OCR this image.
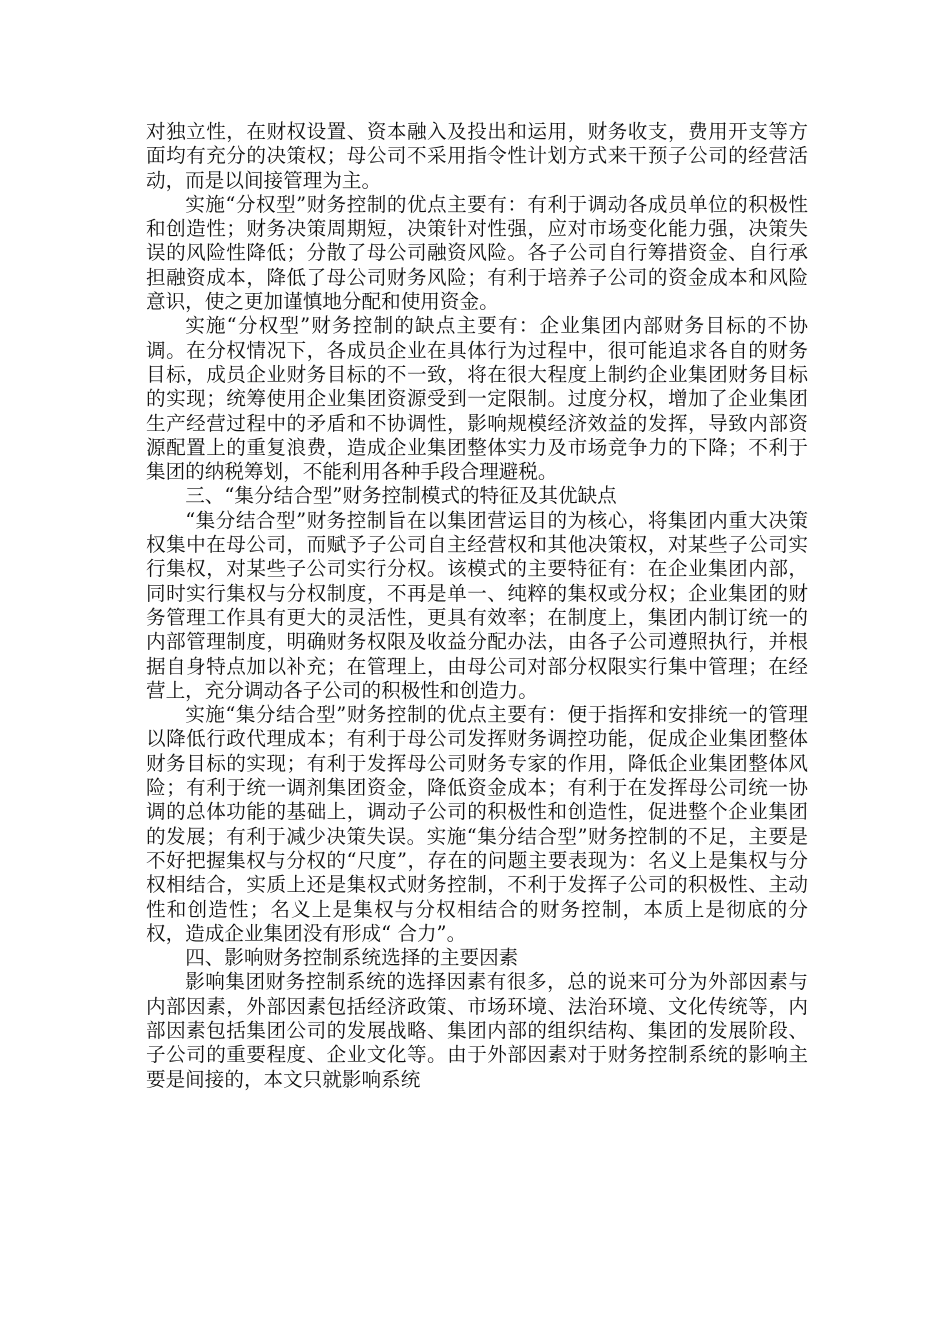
对独立性，在财权设置、资本融入及投出和运用，财务收支，费用开支等方面均有充分的决策权；母公司不采用指令性计划方式来干预子公司的经营活动，而是以间接管理为主。

实施“分权型”财务控制的优点主要有：有利于调动各成员单位的积极性和创造性；财务决策周期短，决策针对性强，应对市场变化能力强，决策失误的风险性降低；分散了母公司融资风险。各子公司自行筹措资金、自行承担融资成本，降低了母公司财务风险；有利于培养子公司的资金成本和风险意识，使之更加谨慎地分配和使用资金。

实施“分权型”财务控制的缺点主要有：企业集团内部财务目标的不协调。在分权情况下，各成员企业在具体行为过程中，很可能追求各自的财务目标，成员企业财务目标的不一致，将在很大程度上制约企业集团财务目标的实现；统筹使用企业集团资源受到一定限制。过度分权，增加了企业集团生产经营过程中的矛盾和不协调性，影响规模经济效益的发挥，导致内部资源配置上的重复浪费，造成企业集团整体实力及市场竞争力的下降；不利于集团的纳税筹划，不能利用各种手段合理避税。

三、“集分结合型”财务控制模式的特征及其优缺点

“集分结合型”财务控制旨在以集团营运目的为核心，将集团内重大决策权集中在母公司，而赋予子公司自主经营权和其他决策权，对某些子公司实行集权，对某些子公司实行分权。该模式的主要特征有：在企业集团内部，同时实行集权与分权制度，不再是单一、纯粹的集权或分权；企业集团的财务管理工作具有更大的灵活性，更具有效率；在制度上，集团内制订统一的内部管理制度，明确财务权限及收益分配办法，由各子公司遵照执行，并根据自身特点加以补充；在管理上，由母公司对部分权限实行集中管理；在经营上，充分调动各子公司的积极性和创造力。

实施“集分结合型”财务控制的优点主要有：便于指挥和安排统一的管理以降低行政代理成本；有利于母公司发挥财务调控功能，促成企业集团整体财务目标的实现；有利于发挥母公司财务专家的作用，降低企业集团整体风险；有利于统一调剂集团资金，降低资金成本；有利于在发挥母公司统一协调的总体功能的基础上，调动子公司的积极性和创造性，促进整个企业集团的发展；有利于减少决策失误。实施“集分结合型”财务控制的不足，主要是不好把握集权与分权的“尺度”，存在的问题主要表现为：名义上是集权与分权相结合，实质上还是集权式财务控制，不利于发挥子公司的积极性、主动性和创造性；名义上是集权与分权相结合的财务控制，本质上是彻底的分权，造成企业集团没有形成“ 合力”。

四、影响财务控制系统选择的主要因素

影响集团财务控制系统的选择因素有很多，总的说来可分为外部因素与内部因素，外部因素包括经济政策、市场环境、法治环境、文化传统等，内部因素包括集团公司的发展战略、集团内部的组织结构、集团的发展阶段、子公司的重要程度、企业文化等。由于外部因素对于财务控制系统的影响主要是间接的，本文只就影响系统
